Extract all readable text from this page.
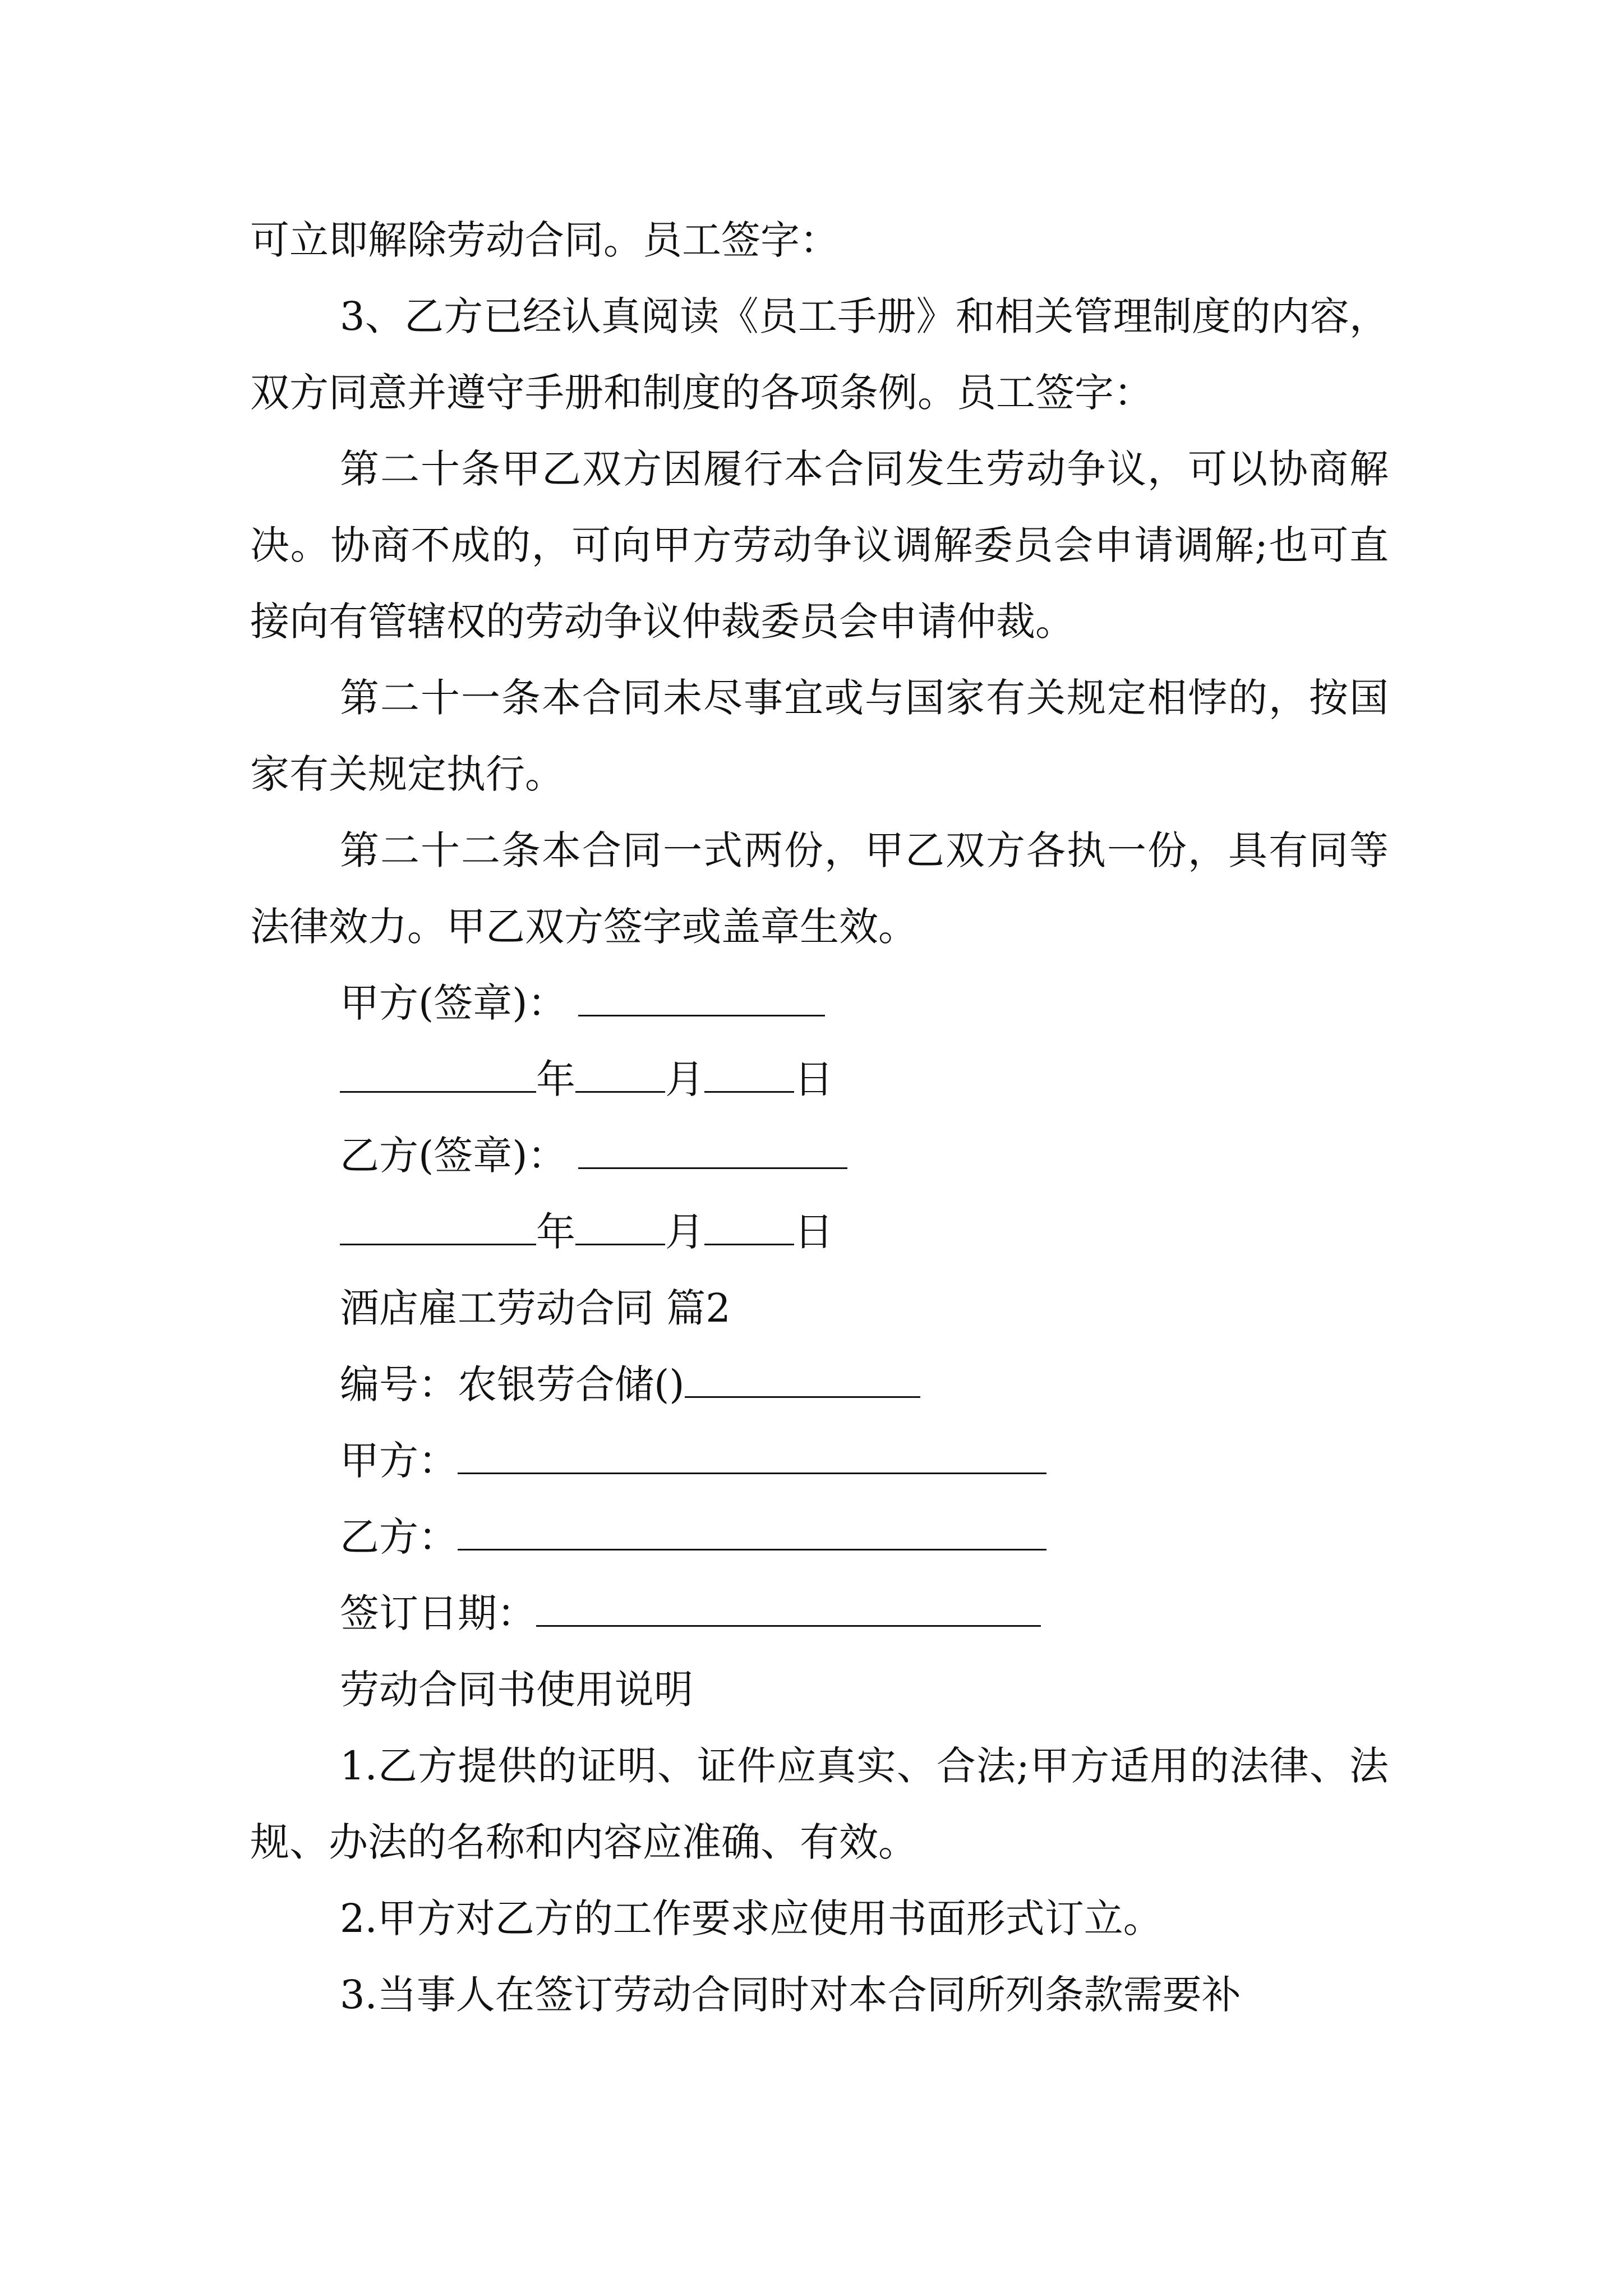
可立即解除劳动合同。员工签字：

3、乙方已经认真阅读《员工手册》和相关管理制度的内容，双方同意并遵守手册和制度的各项条例。员工签字：

第二十条甲乙双方因履行本合同发生劳动争议，可以协商解决。协商不成的，可向甲方劳动争议调解委员会申请调解;也可直接向有管辖权的劳动争议仲裁委员会申请仲裁。

第二十一条本合同未尽事宜或与国家有关规定相悖的，按国家有关规定执行。

第二十二条本合同一式两份，甲乙双方各执一份，具有同等法律效力。甲乙双方签字或盖章生效。

甲方(签章)：
年 月 日
乙方(签章)：
年 月 日
酒店雇工劳动合同 篇2
编号：农银劳合储()
甲方：
乙方：
签订日期：
劳动合同书使用说明

1.乙方提供的证明、证件应真实、合法;甲方适用的法律、法规、办法的名称和内容应准确、有效。

2.甲方对乙方的工作要求应使用书面形式订立。

3.当事人在签订劳动合同时对本合同所列条款需要补
